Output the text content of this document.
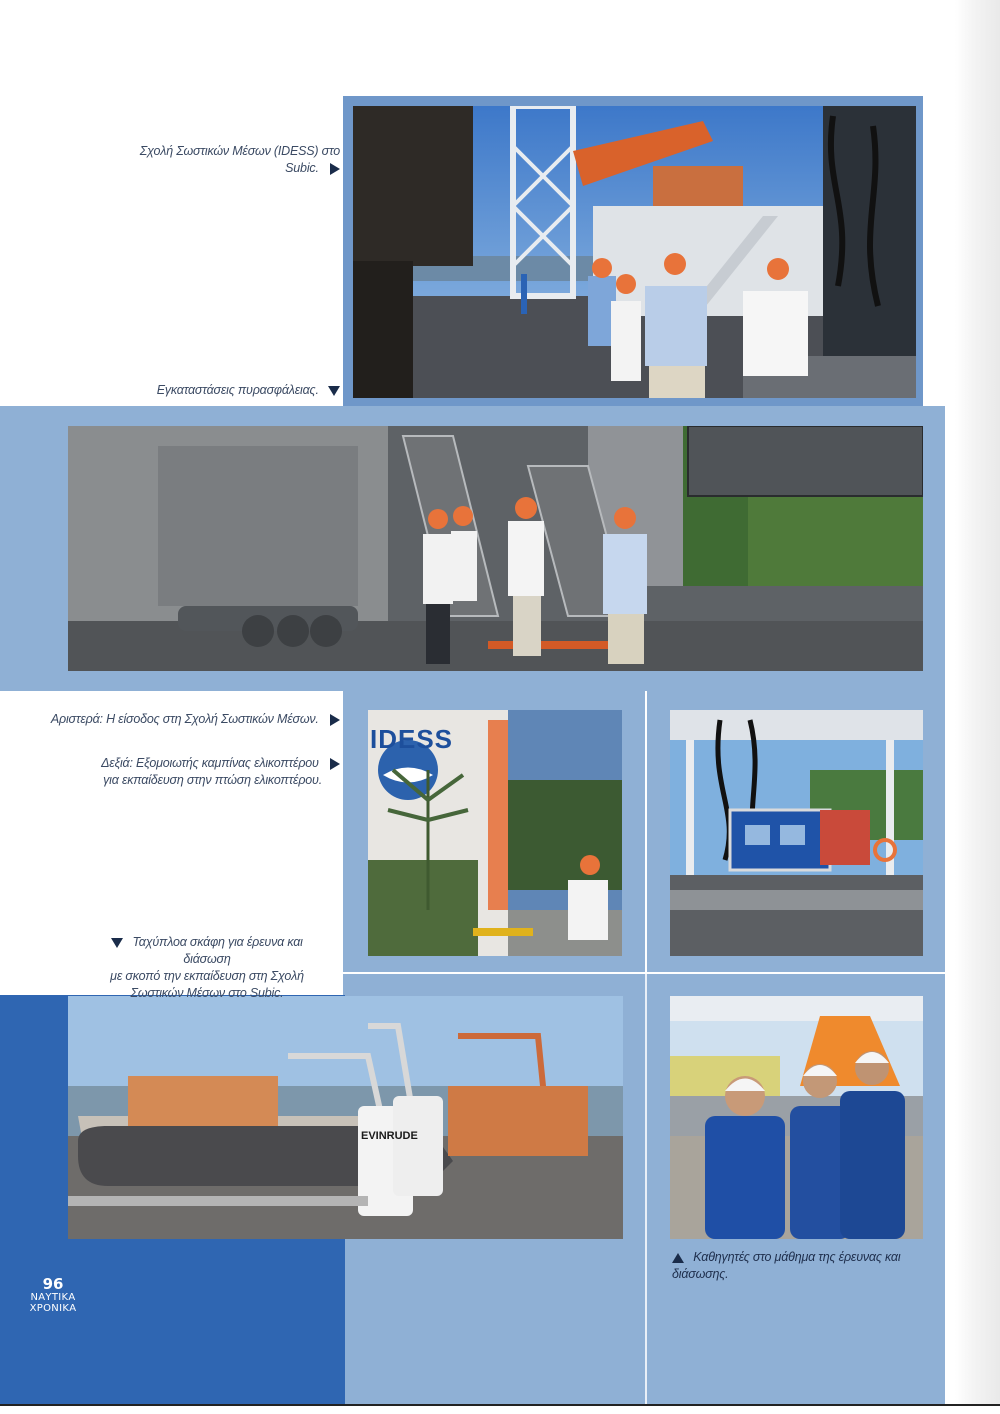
IDESS
EVINRUDE
Σχολή Σωστικών Μέσων (IDESS) στο Subic.
Εγκαταστάσεις πυρασφάλειας.
Αριστερά: Η είσοδος στη Σχολή Σωστικών Μέσων.
Δεξιά: Εξομοιωτής καμπίνας ελικοπτέρου
για εκπαίδευση στην πτώση ελικοπτέρου.
Ταχύπλοα σκάφη για έρευνα και διάσωση
με σκοπό την εκπαίδευση στη Σχολή
Σωστικών Μέσων στο Subic.
Καθηγητές στο μάθημα της έρευνας και διάσωσης.
96
ΝΑΥΤΙΚΑ
ΧΡΟΝΙΚΑ
